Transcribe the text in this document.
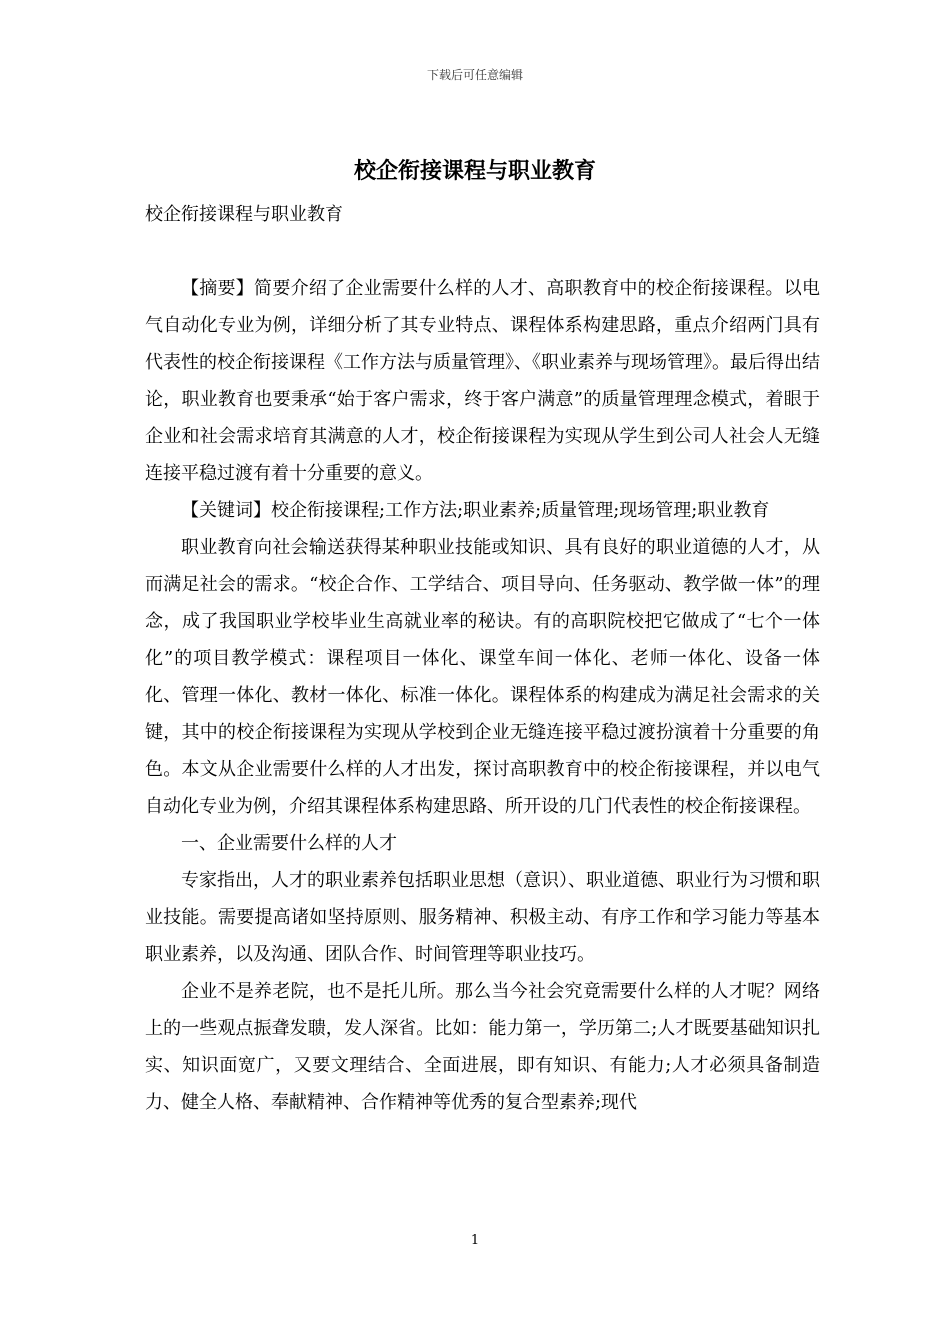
下载后可任意编辑
校企衔接课程与职业教育

校企衔接课程与职业教育

【摘要】简要介绍了企业需要什么样的人才、高职教育中的校企衔接课程。以电气自动化专业为例，详细分析了其专业特点、课程体系构建思路，重点介绍两门具有代表性的校企衔接课程《工作方法与质量管理》、《职业素养与现场管理》。最后得出结论，职业教育也要秉承“始于客户需求，终于客户满意”的质量管理理念模式，着眼于企业和社会需求培育其满意的人才，校企衔接课程为实现从学生到公司人社会人无缝连接平稳过渡有着十分重要的意义。

【关键词】校企衔接课程;工作方法;职业素养;质量管理;现场管理;职业教育

职业教育向社会输送获得某种职业技能或知识、具有良好的职业道德的人才，从而满足社会的需求。“校企合作、工学结合、项目导向、任务驱动、教学做一体”的理念，成了我国职业学校毕业生高就业率的秘诀。有的高职院校把它做成了“七个一体化”的项目教学模式：课程项目一体化、课堂车间一体化、老师一体化、设备一体化、管理一体化、教材一体化、标准一体化。课程体系的构建成为满足社会需求的关键，其中的校企衔接课程为实现从学校到企业无缝连接平稳过渡扮演着十分重要的角色。本文从企业需要什么样的人才出发，探讨高职教育中的校企衔接课程，并以电气自动化专业为例，介绍其课程体系构建思路、所开设的几门代表性的校企衔接课程。

一、企业需要什么样的人才

专家指出，人才的职业素养包括职业思想（意识）、职业道德、职业行为习惯和职业技能。需要提高诸如坚持原则、服务精神、积极主动、有序工作和学习能力等基本职业素养，以及沟通、团队合作、时间管理等职业技巧。

企业不是养老院，也不是托儿所。那么当今社会究竟需要什么样的人才呢？网络上的一些观点振聋发聩，发人深省。比如：能力第一，学历第二;人才既要基础知识扎实、知识面宽广，又要文理结合、全面进展，即有知识、有能力;人才必须具备制造力、健全人格、奉献精神、合作精神等优秀的复合型素养;现代

1
